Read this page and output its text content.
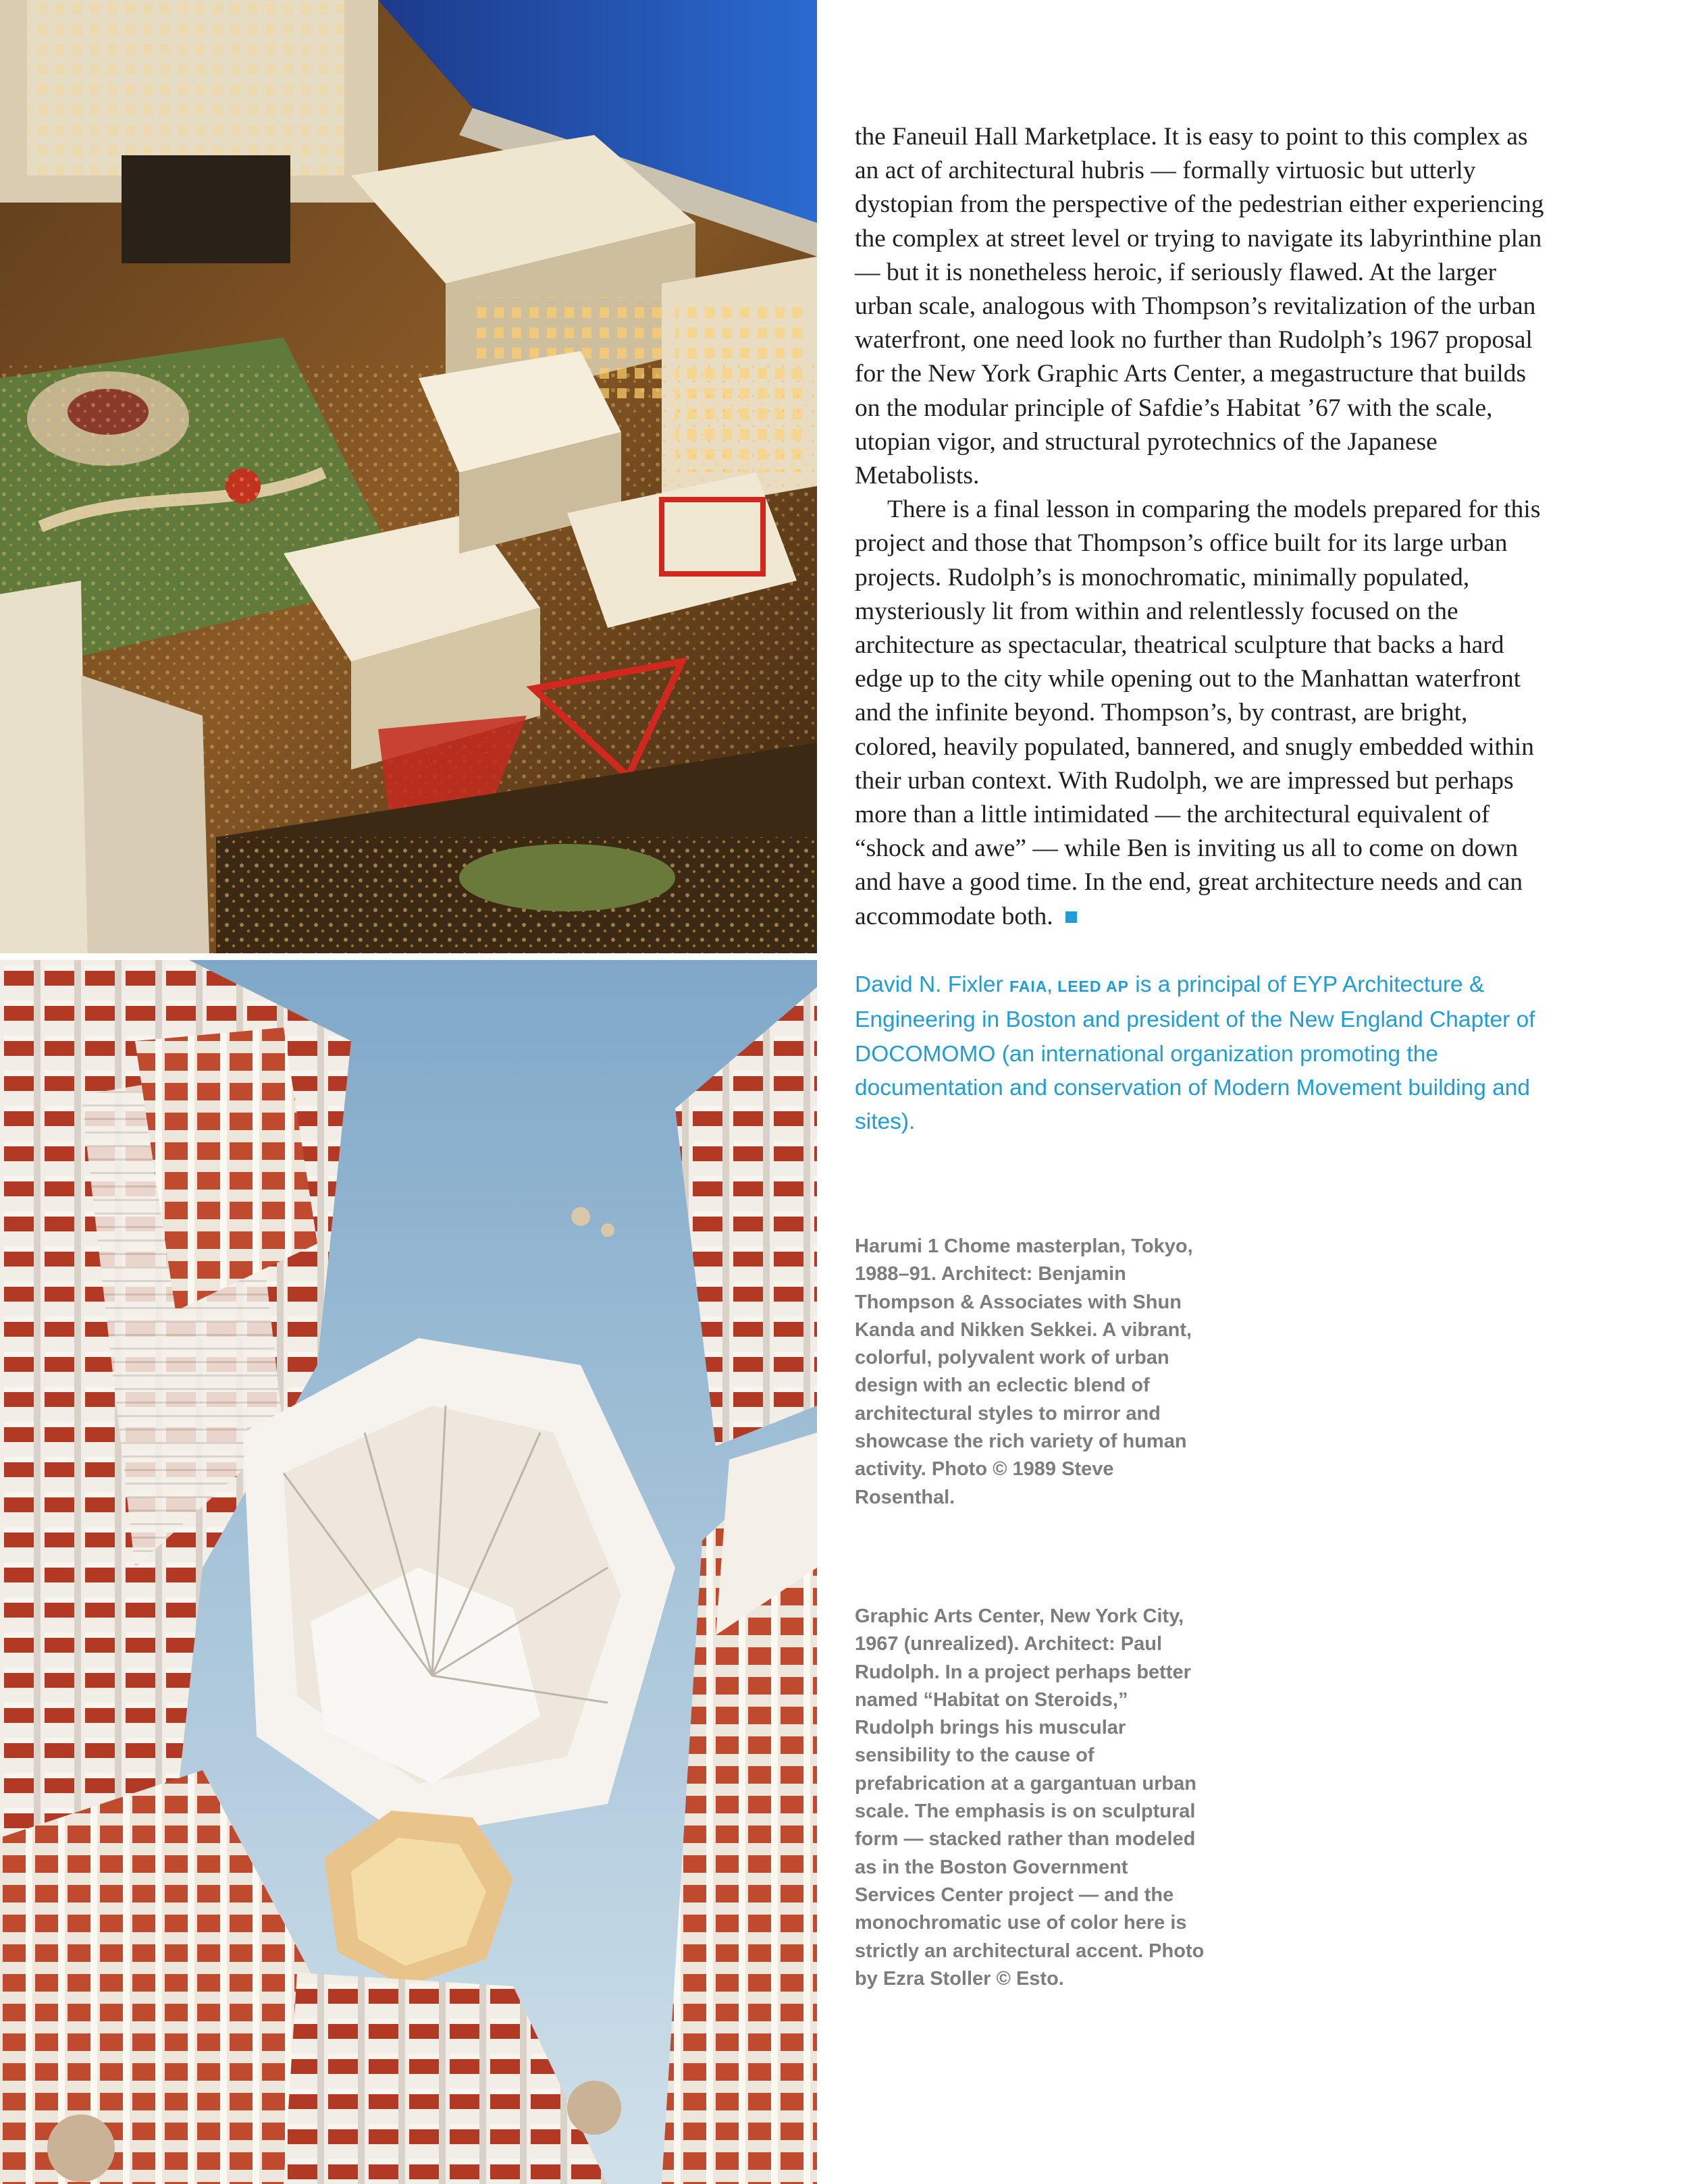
the Faneuil Hall Marketplace. It is easy to point to this complex as an act of architectural hubris — formally virtuosic but utterly dystopian from the perspective of the pedestrian either experiencing the complex at street level or trying to navigate its labyrinthine plan — but it is nonetheless heroic, if seriously flawed. At the larger urban scale, analogous with Thompson’s revitalization of the urban waterfront, one need look no further than Rudolph’s 1967 proposal for the New York Graphic Arts Center, a megastructure that builds on the modular principle of Safdie’s Habitat ’67 with the scale, utopian vigor, and structural pyrotechnics of the Japanese Metabolists.

There is a final lesson in comparing the models prepared for this project and those that Thompson’s office built for its large urban projects. Rudolph’s is monochromatic, minimally populated, mysteriously lit from within and relentlessly focused on the architecture as spectacular, theatrical sculpture that backs a hard edge up to the city while opening out to the Manhattan waterfront and the infinite beyond. Thompson’s, by contrast, are bright, colored, heavily populated, bannered, and snugly embedded within their urban context. With Rudolph, we are impressed but perhaps more than a little intimidated — the architectural equivalent of “shock and awe” — while Ben is inviting us all to come on down and have a good time. In the end, great architecture needs and can accommodate both.

David N. Fixler FAIA, LEED AP is a principal of EYP Architecture & Engineering in Boston and president of the New England Chapter of DOCOMOMO (an international organization promoting the documentation and conservation of Modern Movement building and sites).
Harumi 1 Chome masterplan, Tokyo, 1988–91. Architect: Benjamin Thompson & Associates with Shun Kanda and Nikken Sekkei. A vibrant, colorful, polyvalent work of urban design with an eclectic blend of architectural styles to mirror and showcase the rich variety of human activity. Photo © 1989 Steve Rosenthal.
Graphic Arts Center, New York City, 1967 (unrealized). Architect: Paul Rudolph. In a project perhaps better named “Habitat on Steroids,” Rudolph brings his muscular sensibility to the cause of prefabrication at a gargantuan urban scale. The emphasis is on sculptural form — stacked rather than modeled as in the Boston Government Services Center project — and the monochromatic use of color here is strictly an architectural accent. Photo by Ezra Stoller © Esto.
